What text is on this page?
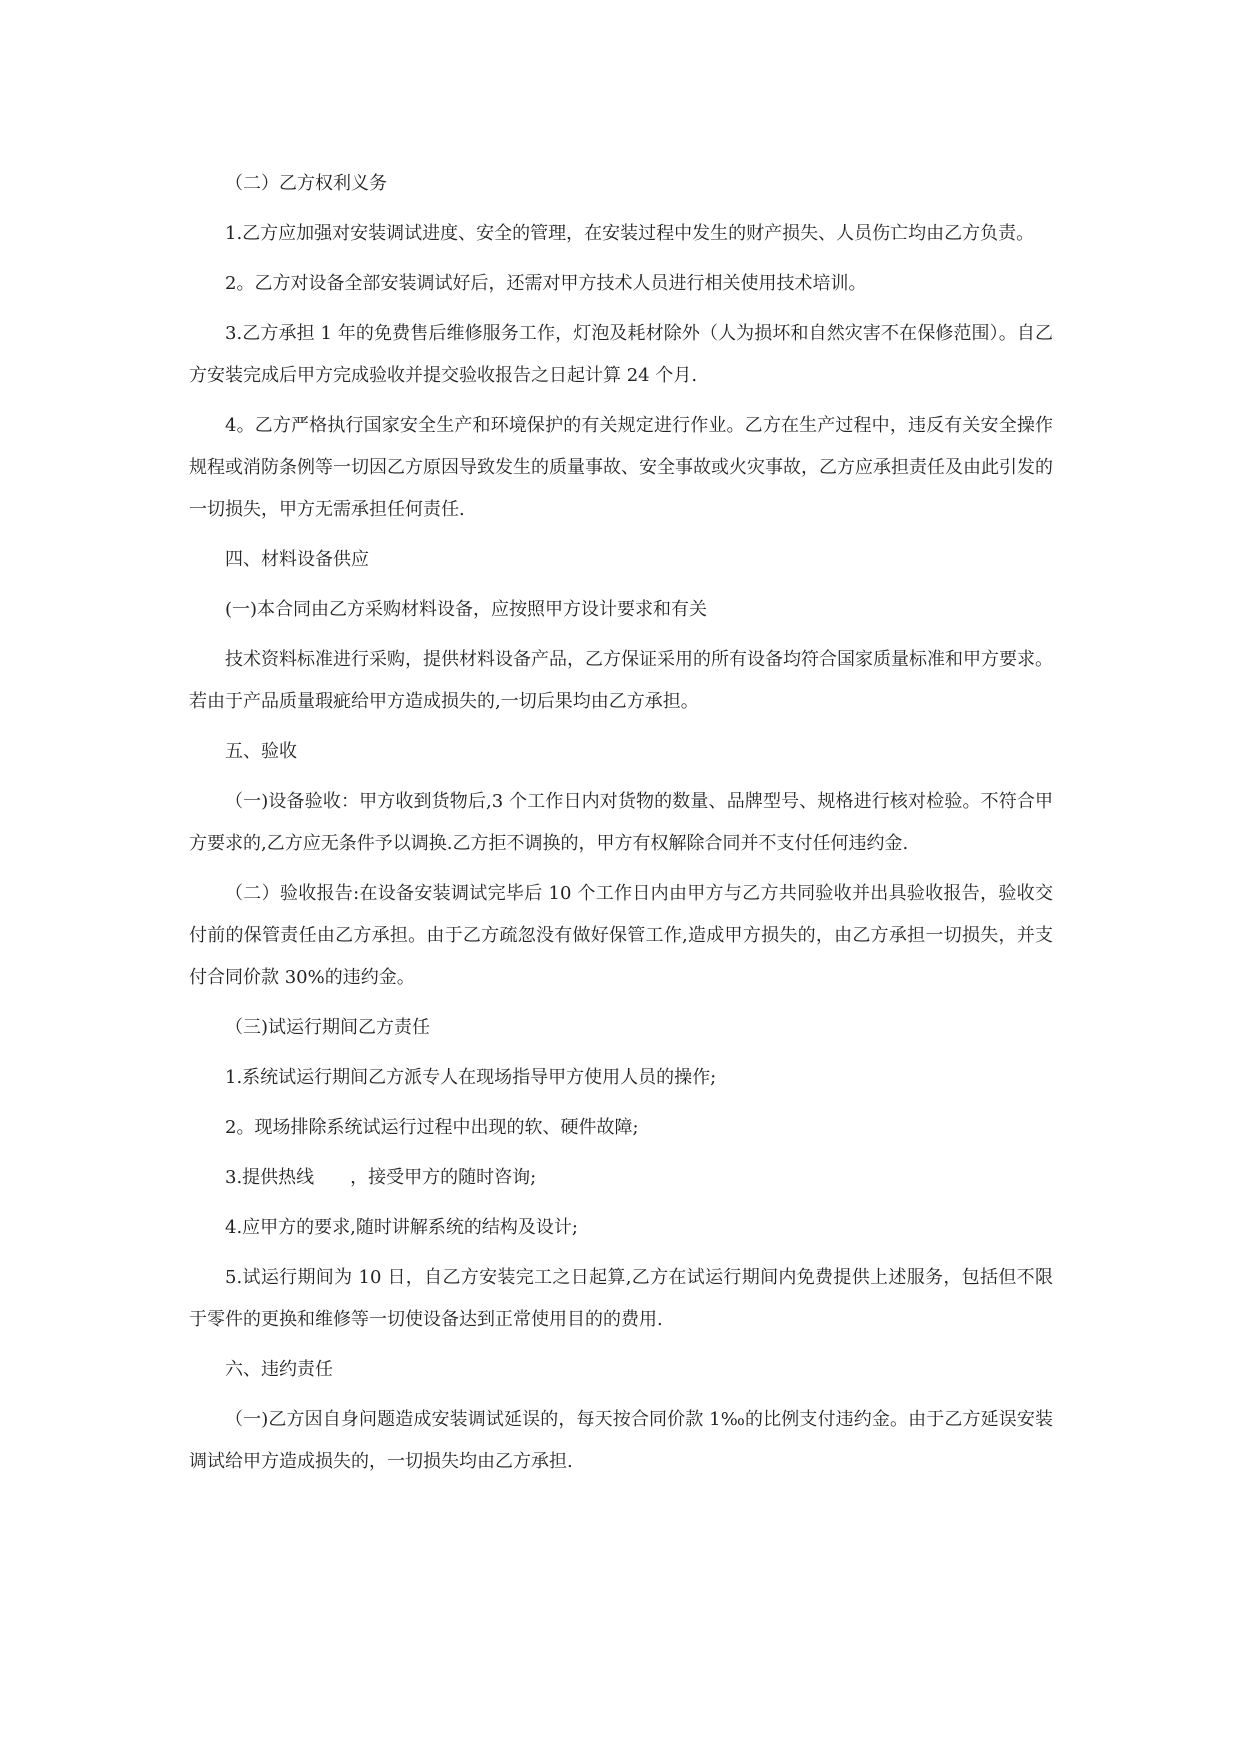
（二）乙方权利义务

1.乙方应加强对安装调试进度、安全的管理，在安装过程中发生的财产损失、人员伤亡均由乙方负责。

2。乙方对设备全部安装调试好后，还需对甲方技术人员进行相关使用技术培训。

3.乙方承担 1 年的免费售后维修服务工作，灯泡及耗材除外（人为损坏和自然灾害不在保修范围）。自乙方安装完成后甲方完成验收并提交验收报告之日起计算 24 个月.

4。乙方严格执行国家安全生产和环境保护的有关规定进行作业。乙方在生产过程中，违反有关安全操作规程或消防条例等一切因乙方原因导致发生的质量事故、安全事故或火灾事故，乙方应承担责任及由此引发的一切损失，甲方无需承担任何责任.

四、材料设备供应

(一)本合同由乙方采购材料设备，应按照甲方设计要求和有关

技术资料标准进行采购，提供材料设备产品，乙方保证采用的所有设备均符合国家质量标准和甲方要求。若由于产品质量瑕疵给甲方造成损失的,一切后果均由乙方承担。

五、验收

（一)设备验收：甲方收到货物后,3 个工作日内对货物的数量、品牌型号、规格进行核对检验。不符合甲方要求的,乙方应无条件予以调换.乙方拒不调换的，甲方有权解除合同并不支付任何违约金.

（二）验收报告:在设备安装调试完毕后 10 个工作日内由甲方与乙方共同验收并出具验收报告，验收交付前的保管责任由乙方承担。由于乙方疏忽没有做好保管工作,造成甲方损失的，由乙方承担一切损失，并支付合同价款 30%的违约金。

（三)试运行期间乙方责任

1.系统试运行期间乙方派专人在现场指导甲方使用人员的操作;

2。现场排除系统试运行过程中出现的软、硬件故障;

3.提供热线　　，接受甲方的随时咨询;

4.应甲方的要求,随时讲解系统的结构及设计;

5.试运行期间为 10 日，自乙方安装完工之日起算,乙方在试运行期间内免费提供上述服务，包括但不限于零件的更换和维修等一切使设备达到正常使用目的的费用.

六、违约责任

（一)乙方因自身问题造成安装调试延误的，每天按合同价款 1‰的比例支付违约金。由于乙方延误安装调试给甲方造成损失的，一切损失均由乙方承担.
